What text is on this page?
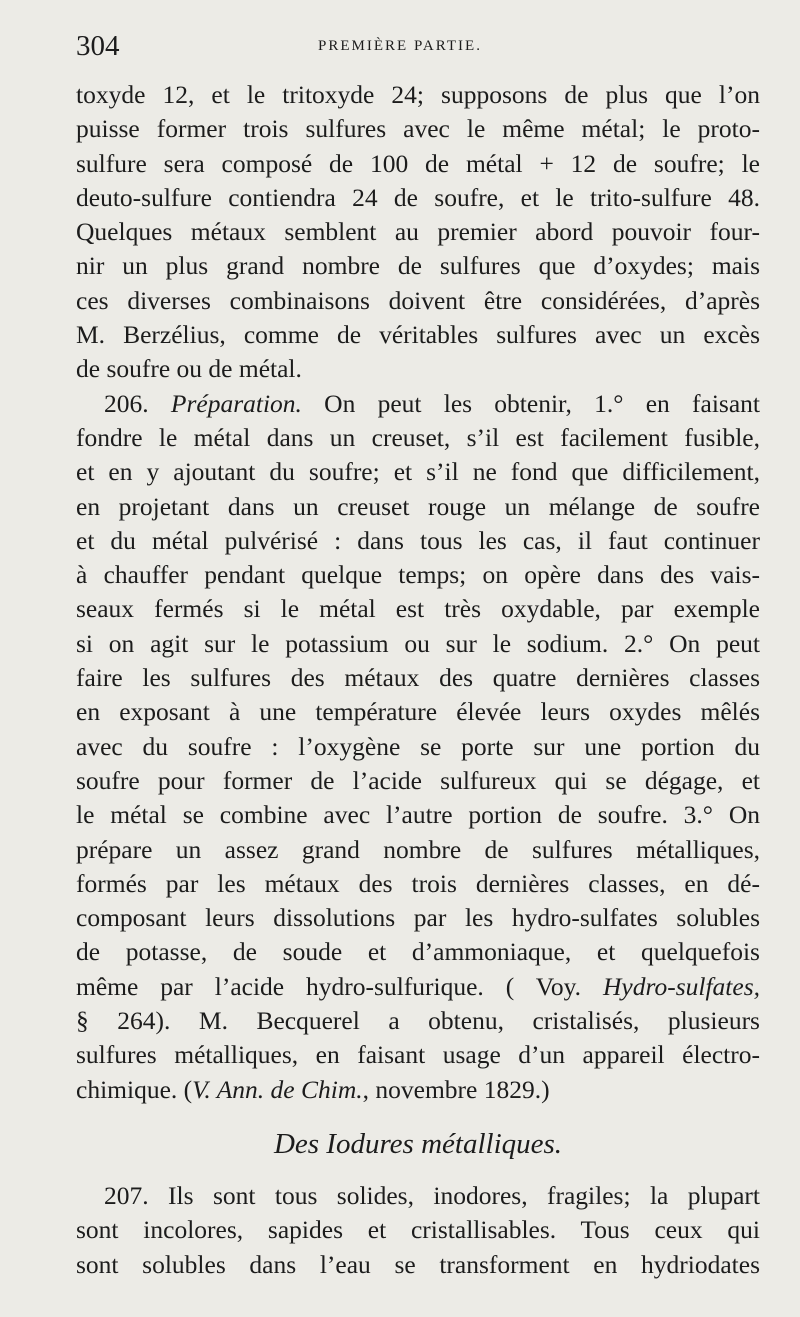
304	PREMIÈRE PARTIE.
toxyde 12, et le tritoxyde 24; supposons de plus que l’on
puisse former trois sulfures avec le même métal; le proto-
sulfure sera composé de 100 de métal + 12 de soufre; le
deuto-sulfure contiendra 24 de soufre, et le trito-sulfure 48.
Quelques métaux semblent au premier abord pouvoir four-
nir un plus grand nombre de sulfures que d’oxydes; mais
ces diverses combinaisons doivent être considérées, d’après
M. Berzélius, comme de véritables sulfures avec un excès
de soufre ou de métal.
206. Préparation. On peut les obtenir, 1.° en faisant
fondre le métal dans un creuset, s’il est facilement fusible,
et en y ajoutant du soufre; et s’il ne fond que difficilement,
en projetant dans un creuset rouge un mélange de soufre
et du métal pulvérisé : dans tous les cas, il faut continuer
à chauffer pendant quelque temps; on opère dans des vais-
seaux fermés si le métal est très oxydable, par exemple
si on agit sur le potassium ou sur le sodium. 2.° On peut
faire les sulfures des métaux des quatre dernières classes
en exposant à une température élevée leurs oxydes mêlés
avec du soufre : l’oxygène se porte sur une portion du
soufre pour former de l’acide sulfureux qui se dégage, et
le métal se combine avec l’autre portion de soufre. 3.° On
prépare un assez grand nombre de sulfures métalliques,
formés par les métaux des trois dernières classes, en dé-
composant leurs dissolutions par les hydro-sulfates solubles
de potasse, de soude et d’ammoniaque, et quelquefois
même par l’acide hydro-sulfurique. ( Voy. Hydro-sulfates,
§ 264). M. Becquerel a obtenu, cristalisés, plusieurs
sulfures métalliques, en faisant usage d’un appareil électro-
chimique. (V. Ann. de Chim., novembre 1829.)
Des Iodures métalliques.
207. Ils sont tous solides, inodores, fragiles; la plupart
sont incolores, sapides et cristallisables. Tous ceux qui
sont solubles dans l’eau se transforment en hydriodates
